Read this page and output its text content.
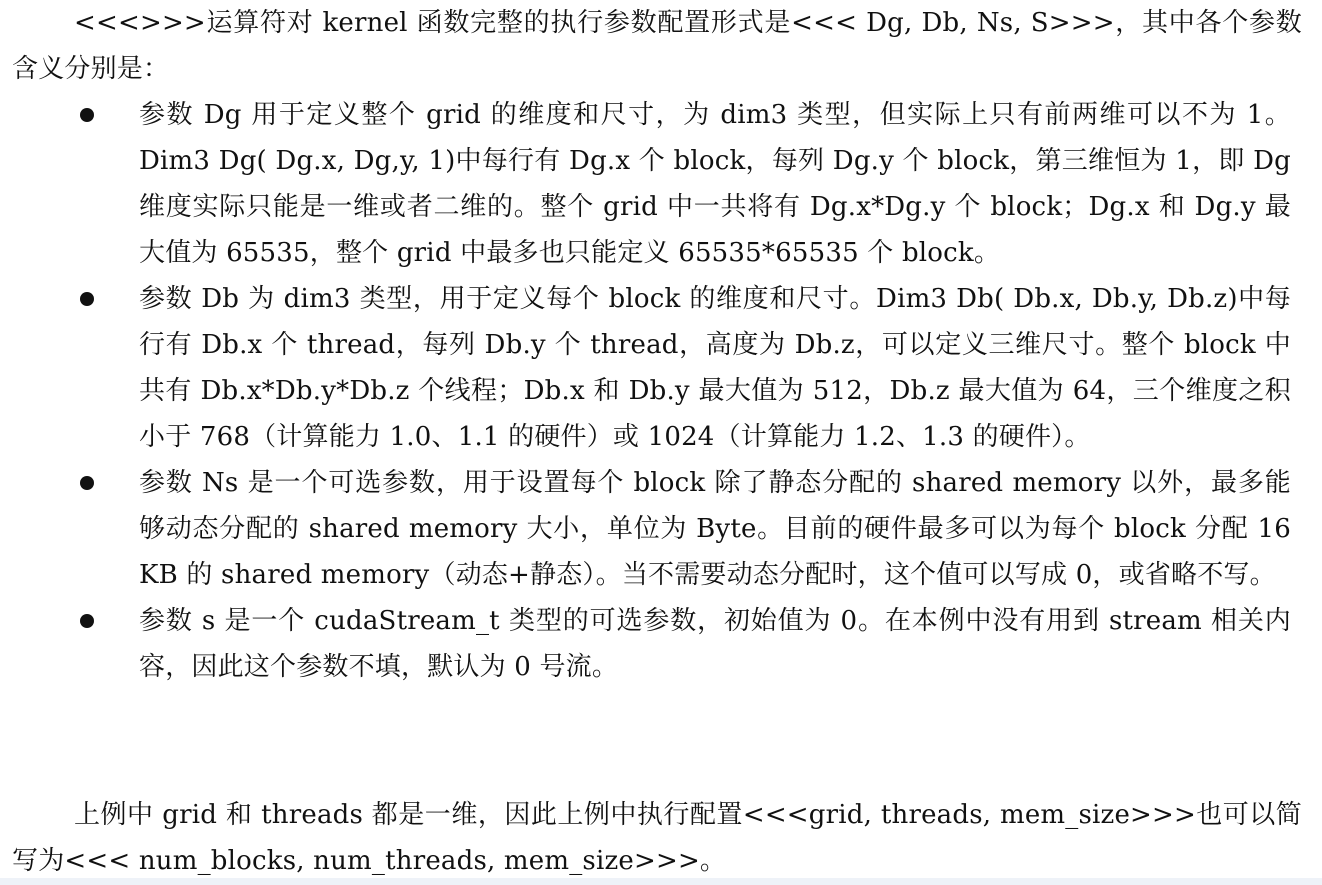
<<<>>>运算符对 kernel 函数完整的执行参数配置形式是<<< Dg, Db, Ns, S>>>，其中各个参数含义分别是：

参数 Dg 用于定义整个 grid 的维度和尺寸，为 dim3 类型，但实际上只有前两维可以不为 1。Dim3 Dg( Dg.x, Dg,y, 1)中每行有 Dg.x 个 block，每列 Dg.y 个 block，第三维恒为 1，即 Dg 维度实际只能是一维或者二维的。整个 grid 中一共将有 Dg.x*Dg.y 个 block；Dg.x 和 Dg.y 最大值为 65535，整个 grid 中最多也只能定义 65535*65535 个 block。
参数 Db 为 dim3 类型，用于定义每个 block 的维度和尺寸。Dim3 Db( Db.x, Db.y, Db.z)中每行有 Db.x 个 thread，每列 Db.y 个 thread，高度为 Db.z，可以定义三维尺寸。整个 block 中共有 Db.x*Db.y*Db.z 个线程；Db.x 和 Db.y 最大值为 512，Db.z 最大值为 64，三个维度之积小于 768（计算能力 1.0、1.1 的硬件）或 1024（计算能力 1.2、1.3 的硬件）。
参数 Ns 是一个可选参数，用于设置每个 block 除了静态分配的 shared memory 以外，最多能够动态分配的 shared memory 大小，单位为 Byte。目前的硬件最多可以为每个 block 分配 16 KB 的 shared memory（动态+静态）。当不需要动态分配时，这个值可以写成 0，或省略不写。
参数 s 是一个 cudaStream_t 类型的可选参数，初始值为 0。在本例中没有用到 stream 相关内容，因此这个参数不填，默认为 0 号流。

上例中 grid 和 threads 都是一维，因此上例中执行配置<<<grid, threads, mem_size>>>也可以简写为<<< num_blocks, num_threads, mem_size>>>。
